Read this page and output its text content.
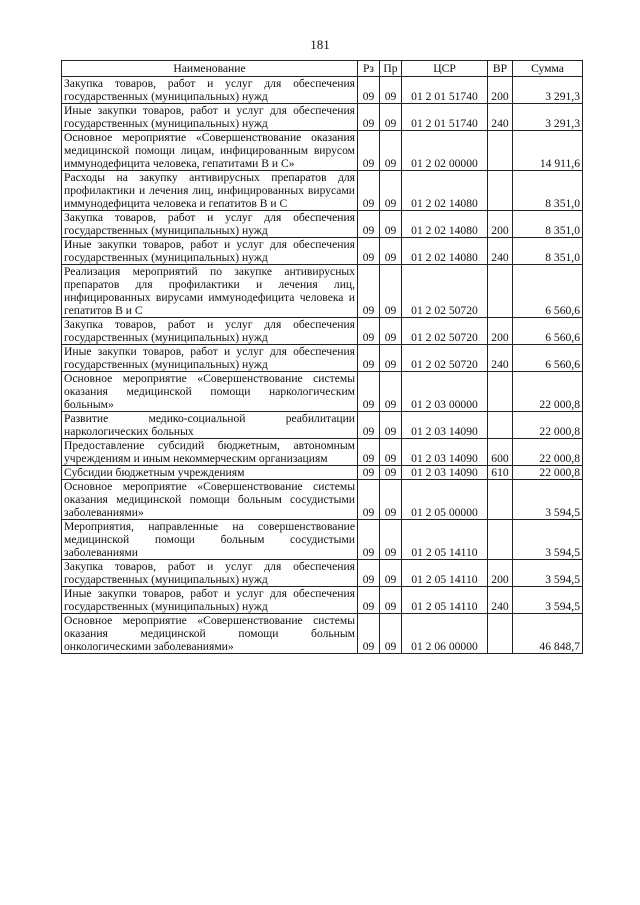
181
Наименование	Рз	Пр	ЦСР	ВР	Сумма
Закупка товаров, работ и услуг для обеспечения государственных (муниципальных) нужд	09	09	01 2 01 51740	200	3 291,3
Иные закупки товаров, работ и услуг для обеспечения государственных (муниципальных) нужд	09	09	01 2 01 51740	240	3 291,3
Основное мероприятие «Совершенствование оказания медицинской помощи лицам, инфицированным вирусом иммунодефицита человека, гепатитами В и С»	09	09	01 2 02 00000		14 911,6
Расходы на закупку антивирусных препаратов для профилактики и лечения лиц, инфицированных вирусами иммунодефицита человека и гепатитов В и С	09	09	01 2 02 14080		8 351,0
Закупка товаров, работ и услуг для обеспечения государственных (муниципальных) нужд	09	09	01 2 02 14080	200	8 351,0
Иные закупки товаров, работ и услуг для обеспечения государственных (муниципальных) нужд	09	09	01 2 02 14080	240	8 351,0
Реализация мероприятий по закупке антивирусных препаратов для профилактики и лечения лиц, инфицированных вирусами иммунодефицита человека и гепатитов В и С	09	09	01 2 02 50720		6 560,6
Закупка товаров, работ и услуг для обеспечения государственных (муниципальных) нужд	09	09	01 2 02 50720	200	6 560,6
Иные закупки товаров, работ и услуг для обеспечения государственных (муниципальных) нужд	09	09	01 2 02 50720	240	6 560,6
Основное мероприятие «Совершенствование системы оказания медицинской помощи наркологическим больным»	09	09	01 2 03 00000		22 000,8
Развитие медико-социальной реабилитации наркологических больных	09	09	01 2 03 14090		22 000,8
Предоставление субсидий бюджетным, автономным учреждениям и иным некоммерческим организациям	09	09	01 2 03 14090	600	22 000,8
Субсидии бюджетным учреждениям	09	09	01 2 03 14090	610	22 000,8
Основное мероприятие «Совершенствование системы оказания медицинской помощи больным сосудистыми заболеваниями»	09	09	01 2 05 00000		3 594,5
Мероприятия, направленные на совершенствование медицинской помощи больным сосудистыми заболеваниями	09	09	01 2 05 14110		3 594,5
Закупка товаров, работ и услуг для обеспечения государственных (муниципальных) нужд	09	09	01 2 05 14110	200	3 594,5
Иные закупки товаров, работ и услуг для обеспечения государственных (муниципальных) нужд	09	09	01 2 05 14110	240	3 594,5
Основное мероприятие «Совершенствование системы оказания медицинской помощи больным онкологическими заболеваниями»	09	09	01 2 06 00000		46 848,7
